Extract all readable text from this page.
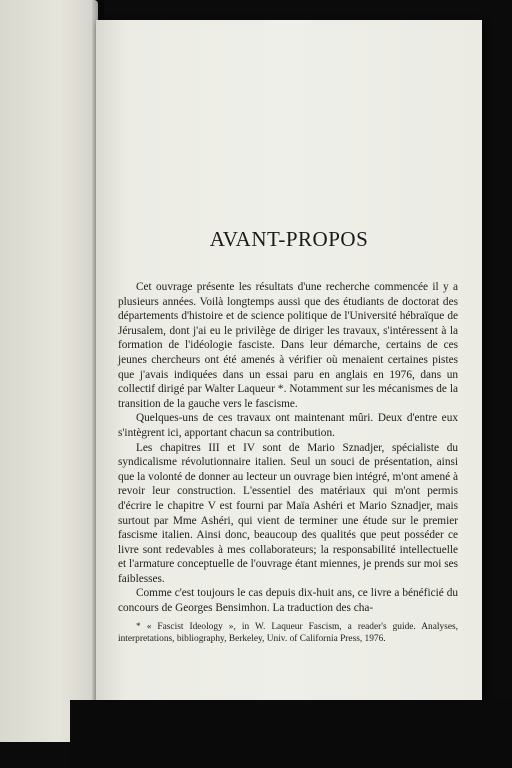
AVANT-PROPOS

Cet ouvrage présente les résultats d'une recherche commencée il y a plusieurs années. Voilà longtemps aussi que des étudiants de doctorat des départements d'histoire et de science politique de l'Université hébraïque de Jérusalem, dont j'ai eu le privilège de diriger les travaux, s'intéressent à la formation de l'idéologie fasciste. Dans leur démarche, certains de ces jeunes chercheurs ont été amenés à vérifier où menaient certaines pistes que j'avais indiquées dans un essai paru en anglais en 1976, dans un collectif dirigé par Walter Laqueur *. Notamment sur les mécanismes de la transition de la gauche vers le fascisme.

Quelques-uns de ces travaux ont maintenant mûri. Deux d'entre eux s'intègrent ici, apportant chacun sa contribution.

Les chapitres III et IV sont de Mario Sznadjer, spécialiste du syndicalisme révolutionnaire italien. Seul un souci de présentation, ainsi que la volonté de donner au lecteur un ouvrage bien intégré, m'ont amené à revoir leur construction. L'essentiel des matériaux qui m'ont permis d'écrire le chapitre V est fourni par Maïa Ashéri et Mario Sznadjer, mais surtout par Mme Ashéri, qui vient de terminer une étude sur le premier fascisme italien. Ainsi donc, beaucoup des qualités que peut posséder ce livre sont redevables à mes collaborateurs; la responsabilité intellectuelle et l'armature conceptuelle de l'ouvrage étant miennes, je prends sur moi ses faiblesses.

Comme c'est toujours le cas depuis dix-huit ans, ce livre a bénéficié du concours de Georges Bensimhon. La traduction des cha-

* « Fascist Ideology », in W. Laqueur Fascism, a reader's guide. Analyses, interpretations, bibliography, Berkeley, Univ. of California Press, 1976.
